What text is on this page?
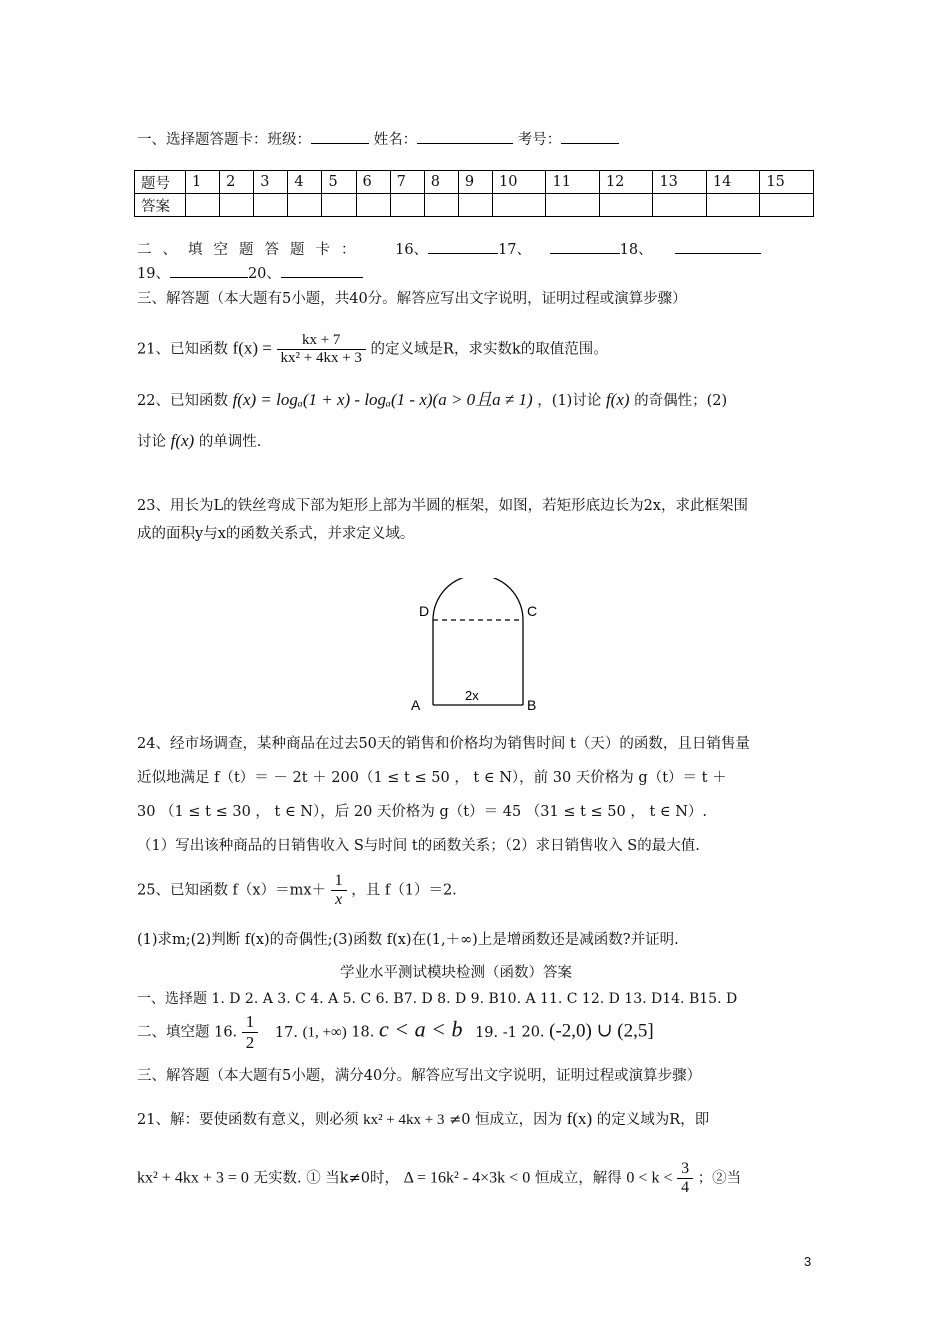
一、选择题答题卡：班级：	姓名：	考号：
题号	1	2	3	4	5	6	7	8	9	10	11	12	13	14	15
答案															
二、填空题答题卡： 16、	17、	18、
19、	20、
三、解答题（本大题有5小题，共40分。解答应写出文字说明，证明过程或演算步骤）
21、已知函数 $f(x) = \frac{kx + 7}{\text{kx² + 4kx + 3}}$ 的定义域是R，求实数k的取值范围。
22、已知函数 f(x) = logₐ(1 + x) - logₐ(1 - x)(a > 0且a ≠ 1) ，(1)讨论 f(x) 的奇偶性；(2)
讨论 f(x) 的单调性.
23、用长为L的铁丝弯成下部为矩形上部为半圆的框架，如图，若矩形底边长为2x，求此框架围
成的面积y与x的函数关系式，并求定义域。
D	C
A	B
2x
24、经市场调查，某种商品在过去50天的销售和价格均为销售时间 t（天）的函数，且日销售量
近似地满足 f（t）＝ － 2t ＋ 200（1 ≤ t ≤ 50 ， t ∈ N），前 30 天价格为 g（t）＝ t ＋
30 （1 ≤ t ≤ 30 ， t ∈ N），后 20 天价格为 g（t）＝ 45 （31 ≤ t ≤ 50 ， t ∈ N）.
（1）写出该种商品的日销售收入 S与时间 t的函数关系；（2）求日销售收入 S的最大值.
25、已知函数 $f(x)=mx+ \frac{1}{x}$ ，且 f（1）＝2.
(1)求m;(2)判断 f(x)的奇偶性;(3)函数 f(x)在(1,＋∞)上是增函数还是减函数?并证明.
学业水平测试模块检测（函数）答案
一、选择题 1. D 2. A 3. C 4. A 5. C 6. B7. D 8. D 9. B10. A 11. C 12. D 13. D14. B15. D
二、填空题 16. $\frac{1}{2} 17$. (1, +∞) 18. c < a < b 19. -1 20. (-2,0) ∪ (2,5]
三、解答题（本大题有5小题，满分40分。解答应写出文字说明，证明过程或演算步骤）
21、解：要使函数有意义，则必须 kx² + 4kx + 3 ≠0 恒成立，因为 f(x) 的定义域为R，即
kx² + 4kx + 3 = 0 无实数. ① 当k≠0时， Δ = 16k² - 4×3k < 0 恒成立，解得 $0 < k < \frac{3}{4}$ ；②当
3
